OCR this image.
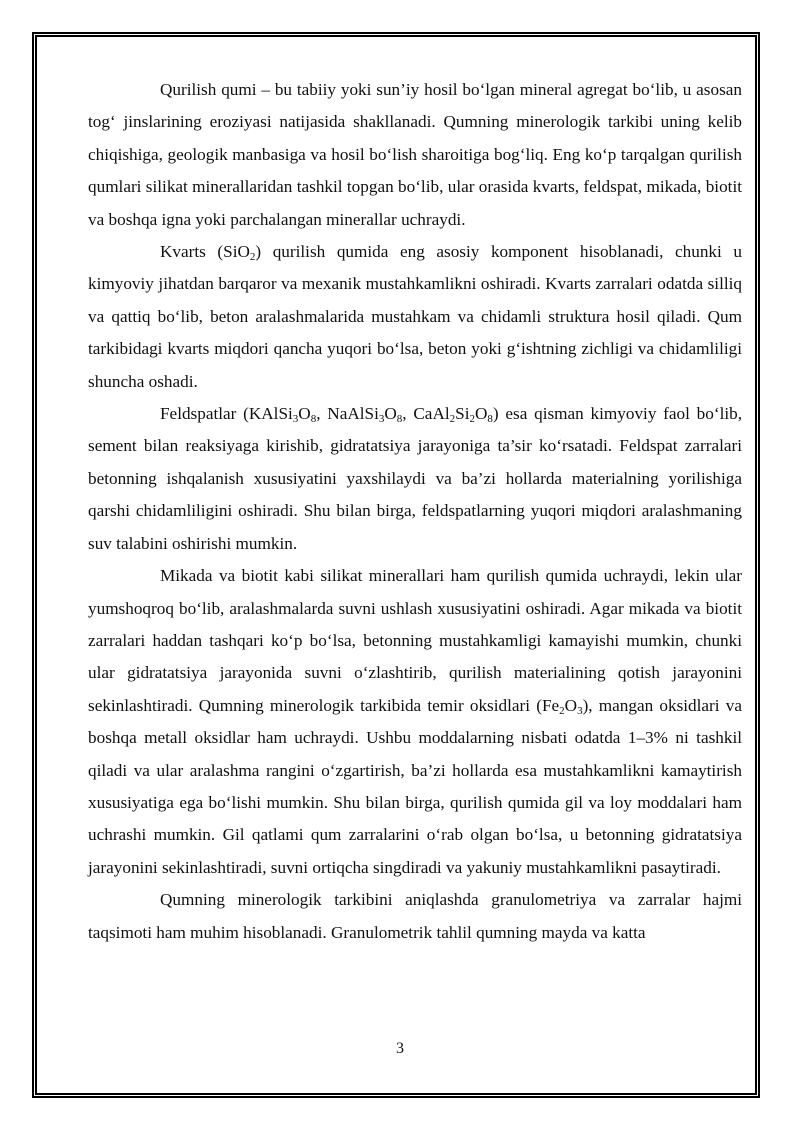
Qurilish qumi – bu tabiiy yoki sun’iy hosil bo‘lgan mineral agregat bo‘lib, u asosan tog‘ jinslarining eroziyasi natijasida shakllanadi. Qumning minerologik tarkibi uning kelib chiqishiga, geologik manbasiga va hosil bo‘lish sharoitiga bog‘liq. Eng ko‘p tarqalgan qurilish qumlari silikat minerallaridan tashkil topgan bo‘lib, ular orasida kvarts, feldspat, mikada, biotit va boshqa igna yoki parchalangan minerallar uchraydi.

Kvarts (SiO$_2$) qurilish qumida eng asosiy komponent hisoblanadi, chunki u kimyoviy jihatdan barqaror va mexanik mustahkamlikni oshiradi. Kvarts zarralari odatda silliq va qattiq bo‘lib, beton aralashmalarida mustahkam va chidamli struktura hosil qiladi. Qum tarkibidagi kvarts miqdori qancha yuqori bo‘lsa, beton yoki g‘ishtning zichligi va chidamliligi shuncha oshadi.

Feldspatlar ($KAlSi_3O_8$, $NaAlSi_3O_8$, $CaAl_2Si_2O_8$) esa qisman kimyoviy faol bo‘lib, sement bilan reaksiyaga kirishib, gidratatsiya jarayoniga ta’sir ko‘rsatadi. Feldspat zarralari betonning ishqalanish xususiyatini yaxshilaydi va ba’zi hollarda materialning yorilishiga qarshi chidamliligini oshiradi. Shu bilan birga, feldspatlarning yuqori miqdori aralashmaning suv talabini oshirishi mumkin.

Mikada va biotit kabi silikat minerallari ham qurilish qumida uchraydi, lekin ular yumshoqroq bo‘lib, aralashmalarda suvni ushlash xususiyatini oshiradi. Agar mikada va biotit zarralari haddan tashqari ko‘p bo‘lsa, betonning mustahkamligi kamayishi mumkin, chunki ular gidratatsiya jarayonida suvni o‘zlashtirib, qurilish materialining qotish jarayonini sekinlashtiradi. Qumning minerologik tarkibida temir oksidlari $(Fe_2O_3)$, mangan oksidlari va boshqa metall oksidlar ham uchraydi. Ushbu moddalarning nisbati odatda 1–3% ni tashkil qiladi va ular aralashma rangini o‘zgartirish, ba’zi hollarda esa mustahkamlikni kamaytirish xususiyatiga ega bo‘lishi mumkin. Shu bilan birga, qurilish qumida gil va loy moddalari ham uchrashi mumkin. Gil qatlami qum zarralarini o‘rab olgan bo‘lsa, u betonning gidratatsiya jarayonini sekinlashtiradi, suvni ortiqcha singdiradi va yakuniy mustahkamlikni pasaytiradi.

Qumning minerologik tarkibini aniqlashda granulometriya va zarralar hajmi taqsimoti ham muhim hisoblanadi. Granulometrik tahlil qumning mayda va katta

3
